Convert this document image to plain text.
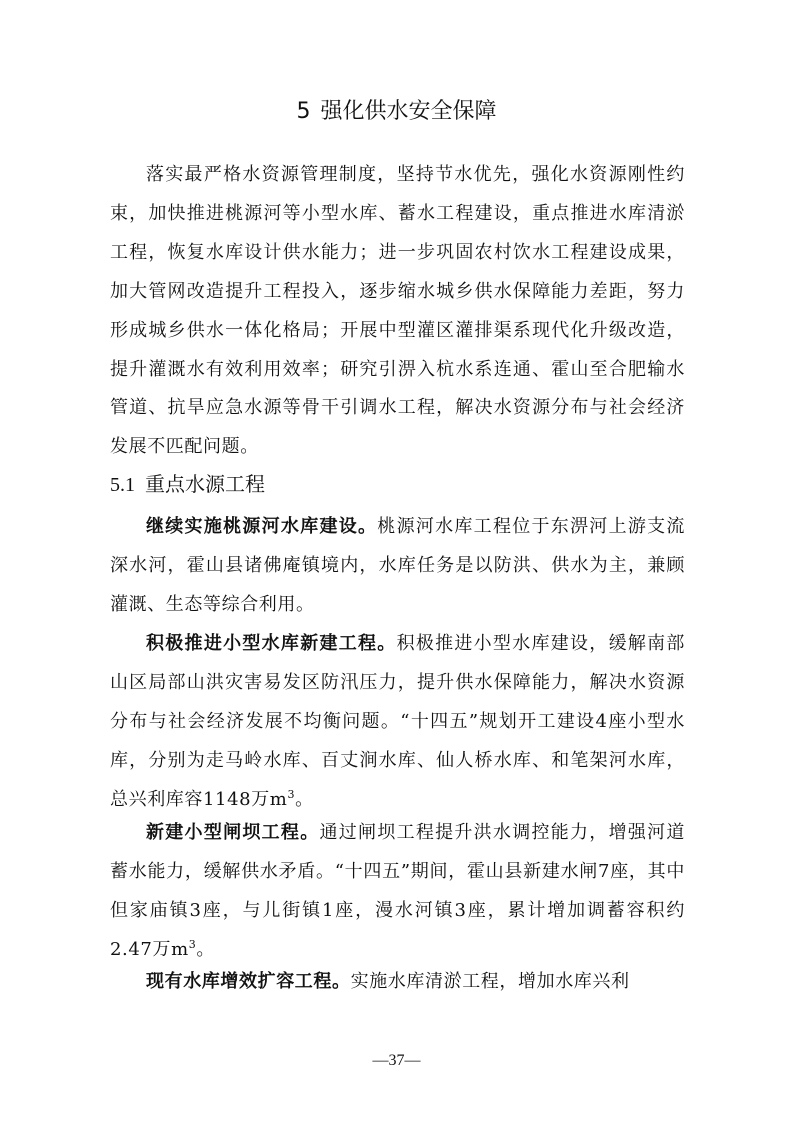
5 强化供水安全保障

落实最严格水资源管理制度，坚持节水优先，强化水资源刚性约束，加快推进桃源河等小型水库、蓄水工程建设，重点推进水库清淤工程，恢复水库设计供水能力；进一步巩固农村饮水工程建设成果，加大管网改造提升工程投入，逐步缩水城乡供水保障能力差距，努力形成城乡供水一体化格局；开展中型灌区灌排渠系现代化升级改造，提升灌溉水有效利用效率；研究引淠入杭水系连通、霍山至合肥输水管道、抗旱应急水源等骨干引调水工程，解决水资源分布与社会经济发展不匹配问题。

5.1 重点水源工程

继续实施桃源河水库建设。桃源河水库工程位于东淠河上游支流深水河，霍山县诸佛庵镇境内，水库任务是以防洪、供水为主，兼顾灌溉、生态等综合利用。

积极推进小型水库新建工程。积极推进小型水库建设，缓解南部山区局部山洪灾害易发区防汛压力，提升供水保障能力，解决水资源分布与社会经济发展不均衡问题。“十四五”规划开工建设4座小型水库，分别为走马岭水库、百丈涧水库、仙人桥水库、和笔架河水库，总兴利库容1148万$m^3$。

新建小型闸坝工程。通过闸坝工程提升洪水调控能力，增强河道蓄水能力，缓解供水矛盾。“十四五”期间，霍山县新建水闸7座，其中但家庙镇3座，与儿街镇1座，漫水河镇3座，累计增加调蓄容积约2.47万$m^3$。

现有水库增效扩容工程。实施水库清淤工程，增加水库兴利

—37—
